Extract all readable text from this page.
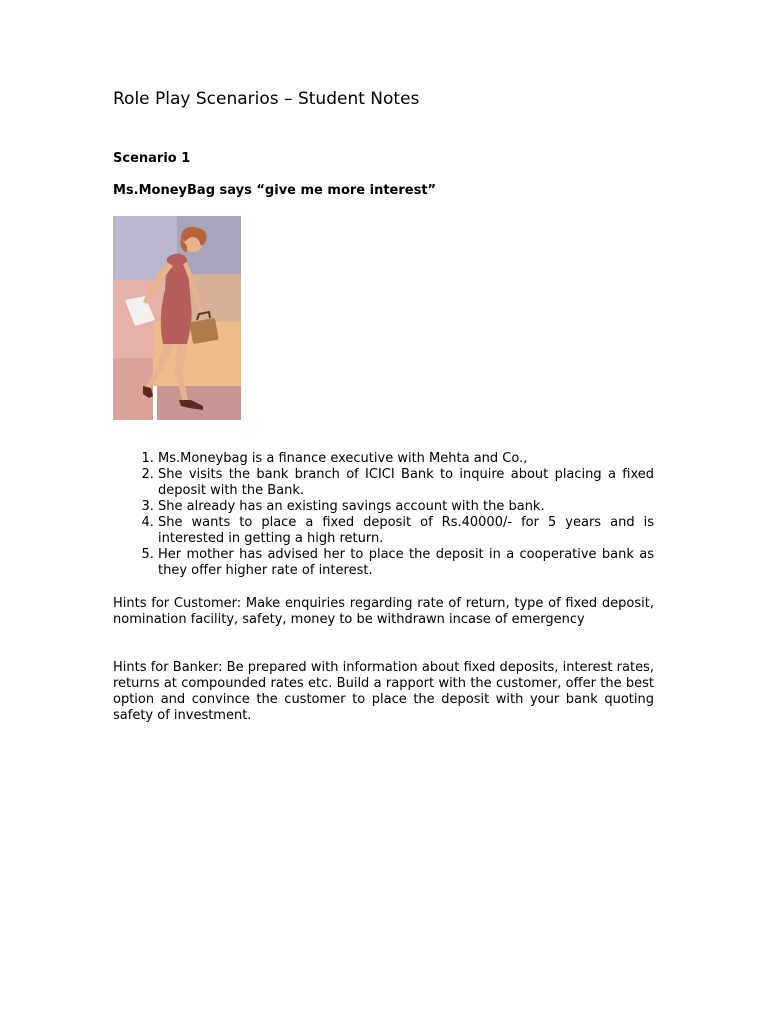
Role Play Scenarios – Student Notes
Scenario 1
Ms.MoneyBag says “give me more interest”
1. Ms.Moneybag is a finance executive with Mehta and Co.,
2. She visits the bank branch of ICICI Bank to inquire about placing a fixed deposit with the Bank.
3. She already has an existing savings account with the bank.
4. She wants to place a fixed deposit of Rs.40000/- for 5 years and is interested in getting a high return.
5. Her mother has advised her to place the deposit in a cooperative bank as they offer higher rate of interest.

Hints for Customer: Make enquiries regarding rate of return, type of fixed deposit, nomination facility, safety, money to be withdrawn incase of emergency

Hints for Banker: Be prepared with information about fixed deposits, interest rates, returns at compounded rates etc. Build a rapport with the customer, offer the best option and convince the customer to place the deposit with your bank quoting safety of investment.
